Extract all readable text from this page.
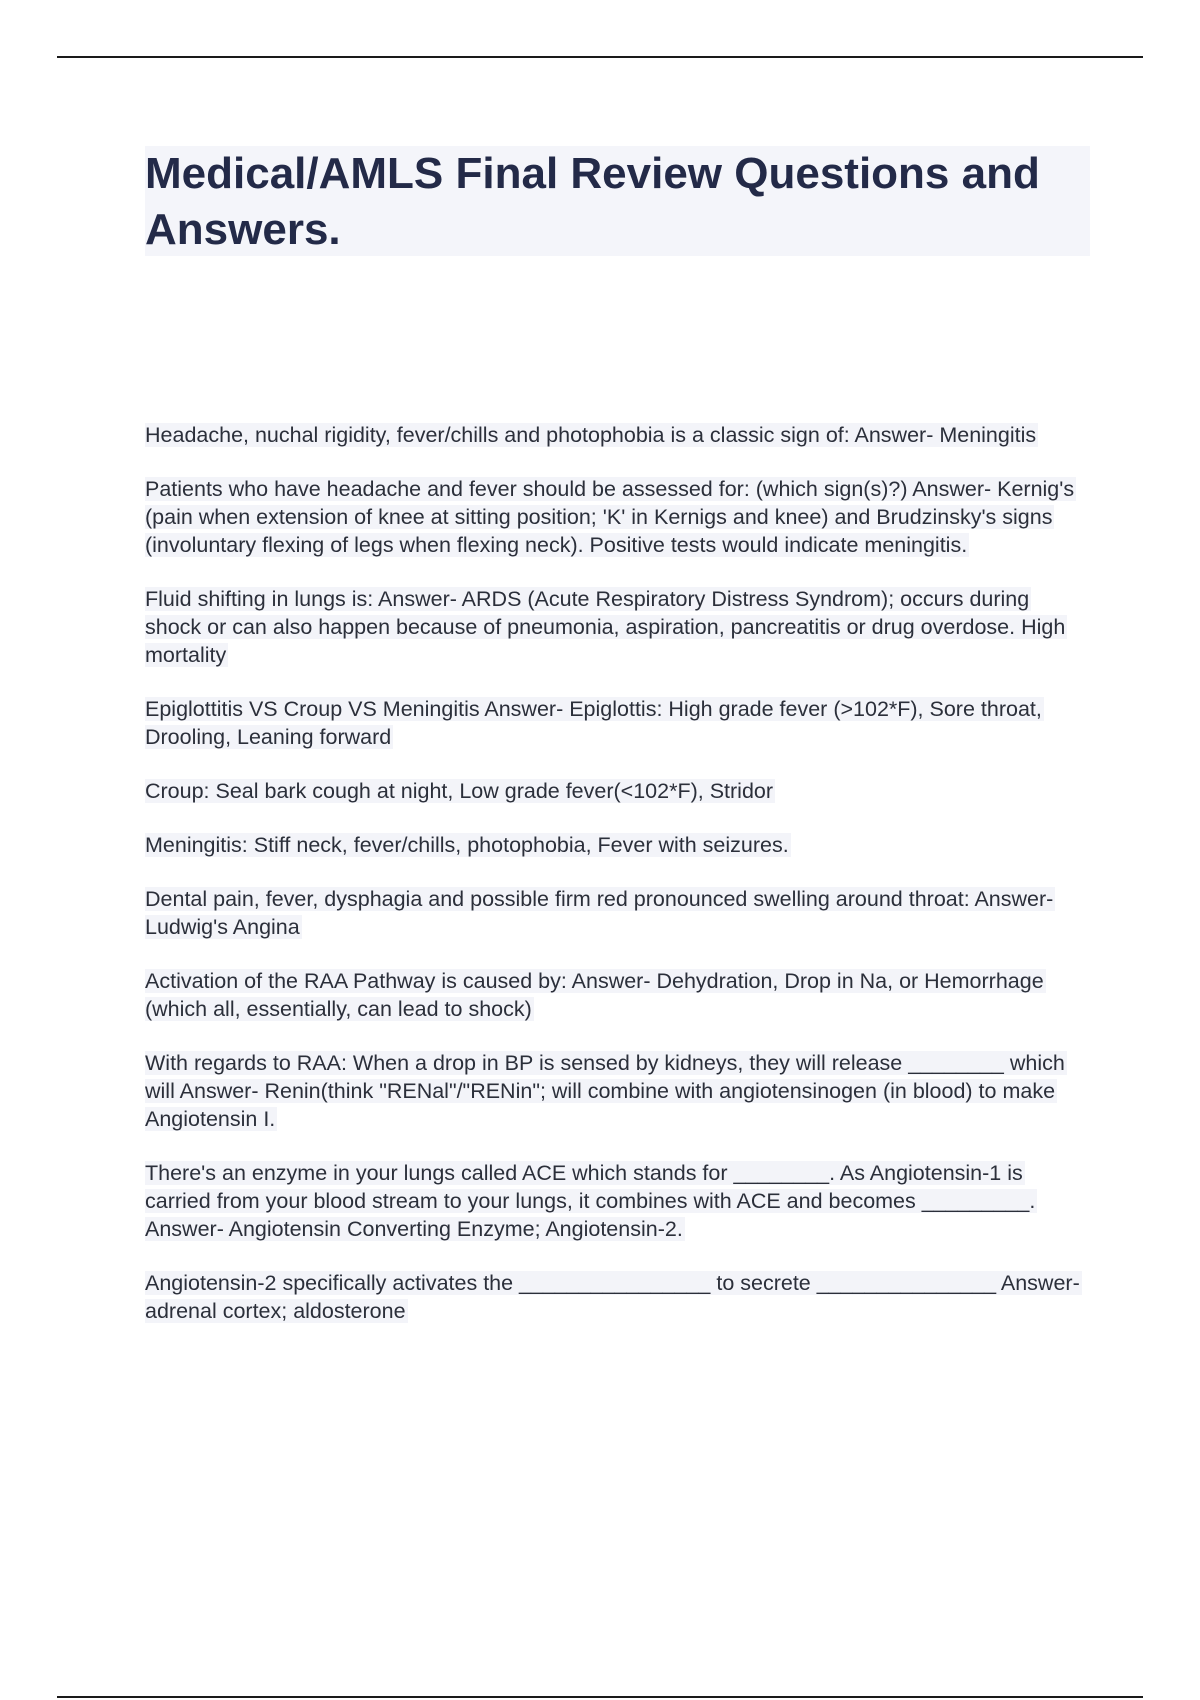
Medical/AMLS Final Review Questions and Answers.

Headache, nuchal rigidity, fever/chills and photophobia is a classic sign of: Answer- Meningitis

Patients who have headache and fever should be assessed for: (which sign(s)?) Answer- Kernig's (pain when extension of knee at sitting position; 'K' in Kernigs and knee) and Brudzinsky's signs (involuntary flexing of legs when flexing neck). Positive tests would indicate meningitis.

Fluid shifting in lungs is: Answer- ARDS (Acute Respiratory Distress Syndrom); occurs during shock or can also happen because of pneumonia, aspiration, pancreatitis or drug overdose. High mortality

Epiglottitis VS Croup VS Meningitis Answer- Epiglottis: High grade fever (>102*F), Sore throat, Drooling, Leaning forward

Croup: Seal bark cough at night, Low grade fever(<102*F), Stridor

Meningitis: Stiff neck, fever/chills, photophobia, Fever with seizures.

Dental pain, fever, dysphagia and possible firm red pronounced swelling around throat: Answer- Ludwig's Angina

Activation of the RAA Pathway is caused by: Answer- Dehydration, Drop in Na, or Hemorrhage (which all, essentially, can lead to shock)

With regards to RAA: When a drop in BP is sensed by kidneys, they will release ________ which will Answer- Renin(think "RENal"/"RENin"; will combine with angiotensinogen (in blood) to make Angiotensin I.

There's an enzyme in your lungs called ACE which stands for ________. As Angiotensin-1 is carried from your blood stream to your lungs, it combines with ACE and becomes _________. Answer- Angiotensin Converting Enzyme; Angiotensin-2.

Angiotensin-2 specifically activates the ________________ to secrete _______________ Answer- adrenal cortex; aldosterone
